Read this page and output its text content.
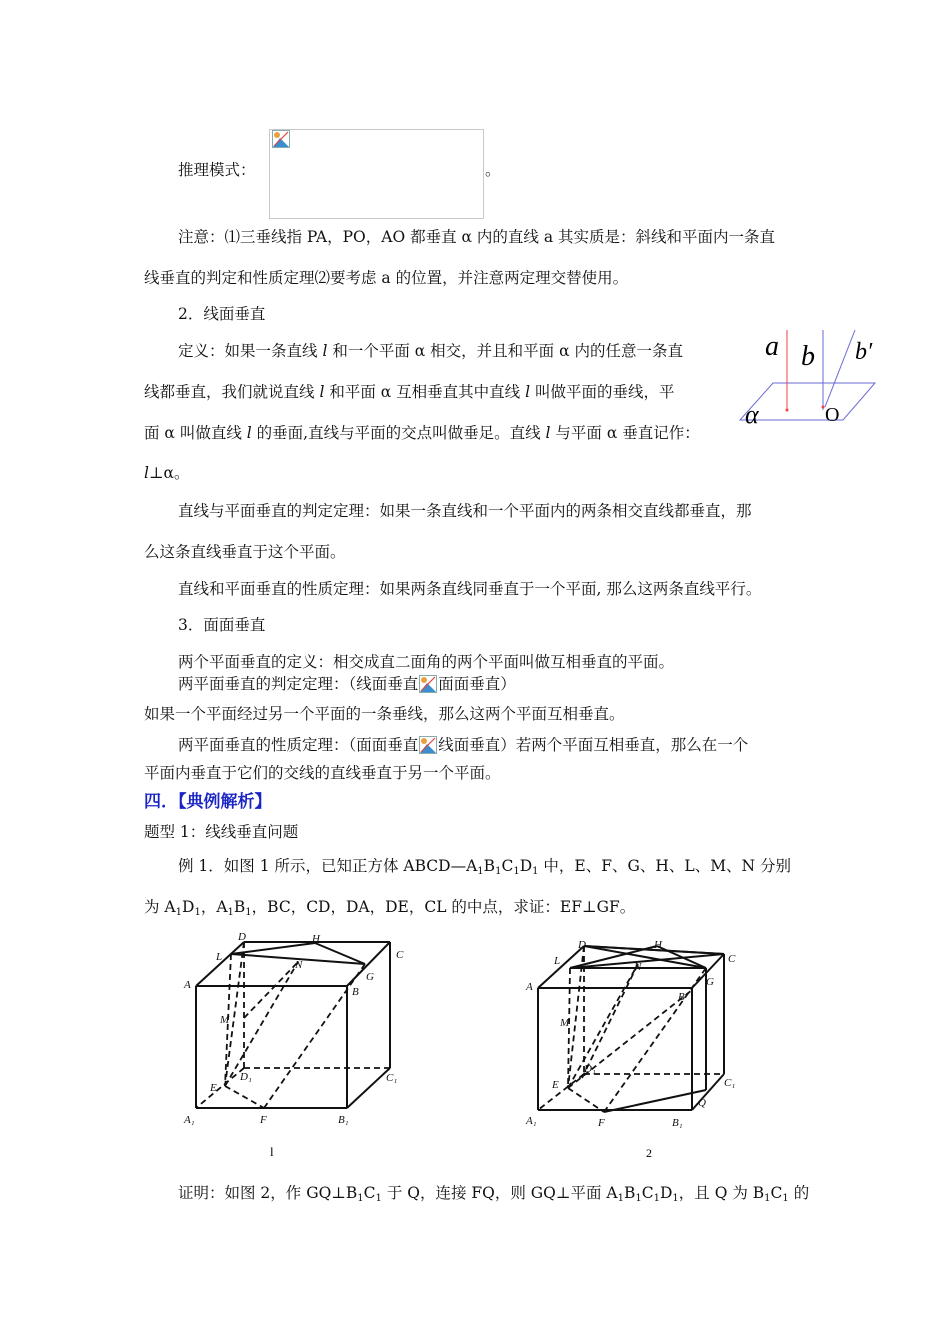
推理模式：	。
注意：⑴三垂线指 PA，PO，AO 都垂直 α 内的直线 a 其实质是：斜线和平面内一条直
线垂直的判定和性质定理⑵要考虑 a 的位置，并注意两定理交替使用。
2．线面垂直
定义：如果一条直线 l 和一个平面 α 相交，并且和平面 α 内的任意一条直
线都垂直，我们就说直线 l 和平面 α 互相垂直其中直线 l 叫做平面的垂线，平
面 α 叫做直线 l 的垂面,直线与平面的交点叫做垂足。直线 l 与平面 α 垂直记作：
l⊥α。
a b b′
α	O
直线与平面垂直的判定定理：如果一条直线和一个平面内的两条相交直线都垂直，那
么这条直线垂直于这个平面。
直线和平面垂直的性质定理：如果两条直线同垂直于一个平面, 那么这两条直线平行。
3．面面垂直
两个平面垂直的定义：相交成直二面角的两个平面叫做互相垂直的平面。
两平面垂直的判定定理：（线面垂直 面面垂直）
如果一个平面经过另一个平面的一条垂线，那么这两个平面互相垂直。
两平面垂直的性质定理：（面面垂直 线面垂直）若两个平面互相垂直，那么在一个
平面内垂直于它们的交线的直线垂直于另一个平面。
四．【典例解析】
题型 1：线线垂直问题
例 1．如图 1 所示，已知正方体 $ABCD—A_1B_1C_1D_1$ 中，E、F、G、H、L、M、N 分别
为 $A_1D_1$，$A_1B_1$，BC，CD，DA，DE，CL 的中点，求证：EF⊥GF。
A
B
C
D
E
F
G
H
L
M
N
A₁	B₁
C₁
D₁
l
A
B
C
D
E
F
G
H
L
M
N
Q
A₁	B₁
C₁
D₁
2
证明：如图 2，作 $GQ\perp B_1C_1$ 于 Q，连接 FQ，则 GQ⊥平面 $A_1B_1C_1D_1$，且 Q 为 $B_1C_1$ 的
